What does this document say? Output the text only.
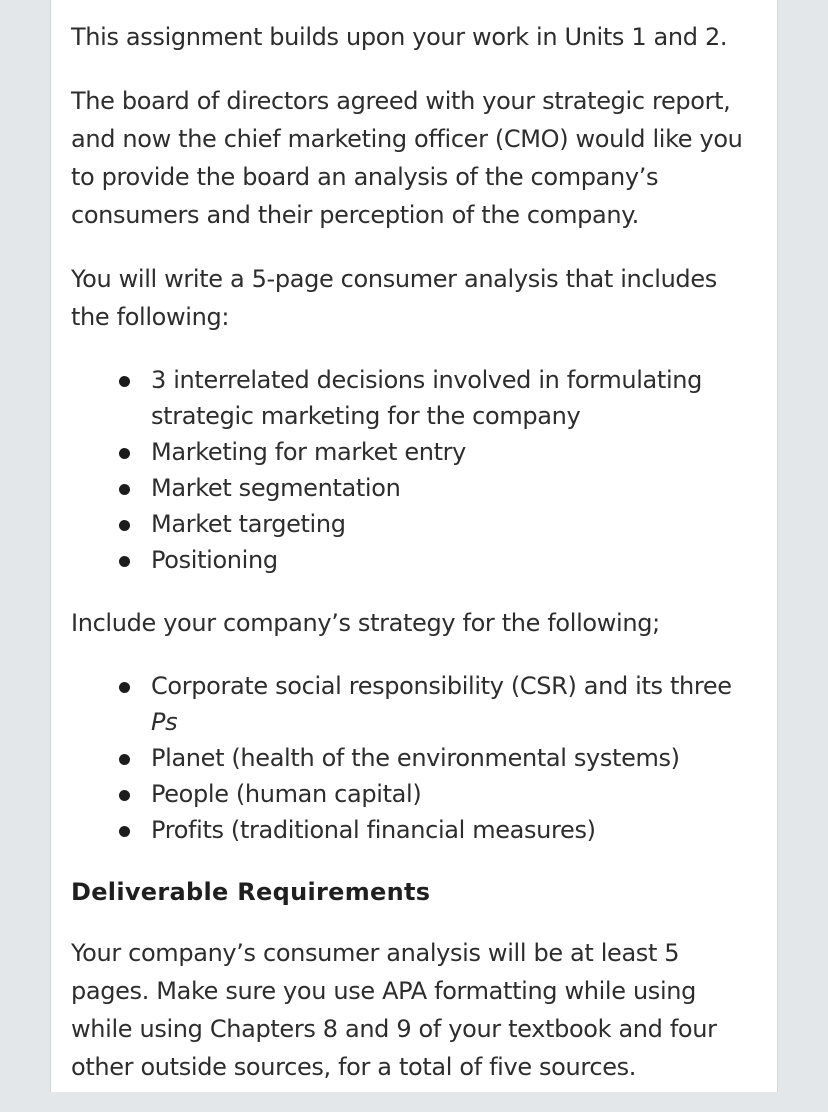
This assignment builds upon your work in Units 1 and 2.

The board of directors agreed with your strategic report, and now the chief marketing officer (CMO) would like you to provide the board an analysis of the company’s consumers and their perception of the company.

You will write a 5-page consumer analysis that includes the following:

3 interrelated decisions involved in formulating strategic marketing for the company
Marketing for market entry
Market segmentation
Market targeting
Positioning

Include your company’s strategy for the following;

Corporate social responsibility (CSR) and its three Ps
Planet (health of the environmental systems)
People (human capital)
Profits (traditional financial measures)
Deliverable Requirements

Your company’s consumer analysis will be at least 5 pages. Make sure you use APA formatting while using while using Chapters 8 and 9 of your textbook and four other outside sources, for a total of five sources.
